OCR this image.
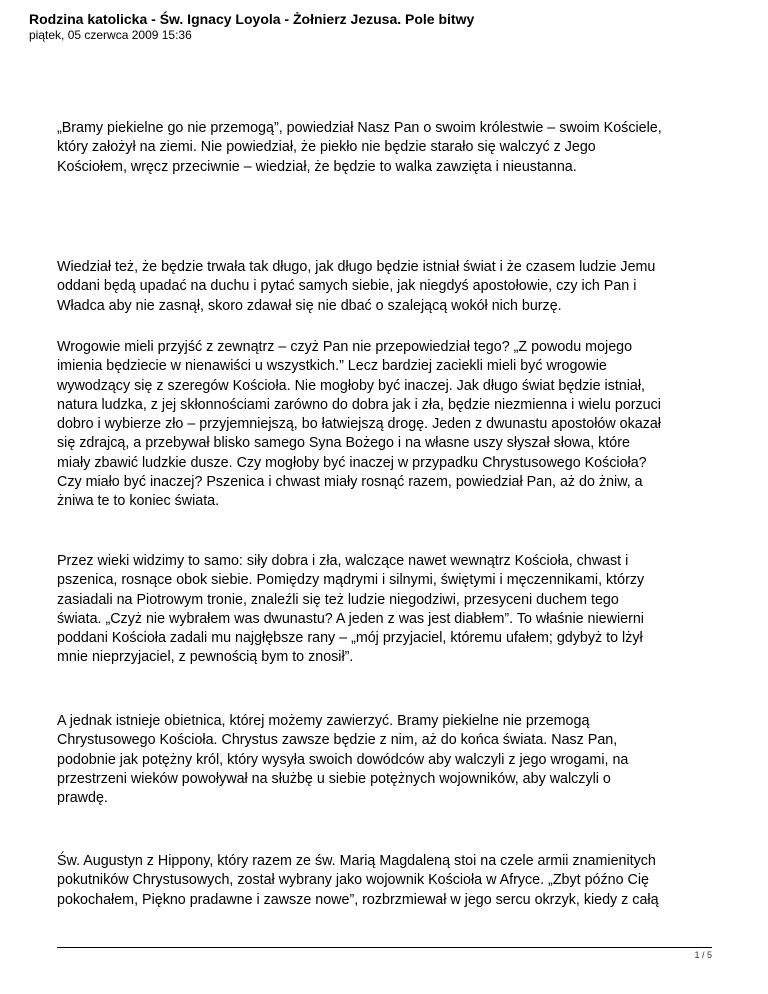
Rodzina katolicka - Św. Ignacy Loyola - Żołnierz Jezusa. Pole bitwy

piątek, 05 czerwca 2009 15:36

„Bramy piekielne go nie przemogą”, powiedział Nasz Pan o swoim królestwie – swoim Kościele,
który założył na ziemi. Nie powiedział, że piekło nie będzie starało się walczyć z Jego
Kościołem, wręcz przeciwnie – wiedział, że będzie to walka zawzięta i nieustanna.

Wiedział też, że będzie trwała tak długo, jak długo będzie istniał świat i że czasem ludzie Jemu
oddani będą upadać na duchu i pytać samych siebie, jak niegdyś apostołowie, czy ich Pan i
Władca aby nie zasnął, skoro zdawał się nie dbać o szalejącą wokół nich burzę.

Wrogowie mieli przyjść z zewnątrz – czyż Pan nie przepowiedział tego? „Z powodu mojego
imienia będziecie w nienawiści u wszystkich.” Lecz bardziej zaciekli mieli być wrogowie
wywodzący się z szeregów Kościoła. Nie mogłoby być inaczej. Jak długo świat będzie istniał,
natura ludzka, z jej skłonnościami zarówno do dobra jak i zła, będzie niezmienna i wielu porzuci
dobro i wybierze zło – przyjemniejszą, bo łatwiejszą drogę. Jeden z dwunastu apostołów okazał
się zdrajcą, a przebywał blisko samego Syna Bożego i na własne uszy słyszał słowa, które
miały zbawić ludzkie dusze. Czy mogłoby być inaczej w przypadku Chrystusowego Kościoła?
Czy miało być inaczej? Pszenica i chwast miały rosnąć razem, powiedział Pan, aż do żniw, a
żniwa te to koniec świata.

Przez wieki widzimy to samo: siły dobra i zła, walczące nawet wewnątrz Kościoła, chwast i
pszenica, rosnące obok siebie. Pomiędzy mądrymi i silnymi, świętymi i męczennikami, którzy
zasiadali na Piotrowym tronie, znaleźli się też ludzie niegodziwi, przesyceni duchem tego
świata. „Czyż nie wybrałem was dwunastu? A jeden z was jest diabłem”. To właśnie niewierni
poddani Kościoła zadali mu najgłębsze rany – „mój przyjaciel, któremu ufałem; gdybyż to lżył
mnie nieprzyjaciel, z pewnością bym to znosił”.

A jednak istnieje obietnica, której możemy zawierzyć. Bramy piekielne nie przemogą
Chrystusowego Kościoła. Chrystus zawsze będzie z nim, aż do końca świata. Nasz Pan,
podobnie jak potężny król, który wysyła swoich dowódców aby walczyli z jego wrogami, na
przestrzeni wieków powoływał na służbę u siebie potężnych wojowników, aby walczyli o
prawdę.

Św. Augustyn z Hippony, który razem ze św. Marią Magdaleną stoi na czele armii znamienitych
pokutników Chrystusowych, został wybrany jako wojownik Kościoła w Afryce. „Zbyt późno Cię
pokochałem, Piękno pradawne i zawsze nowe”, rozbrzmiewał w jego sercu okrzyk, kiedy z całą

1 / 5
